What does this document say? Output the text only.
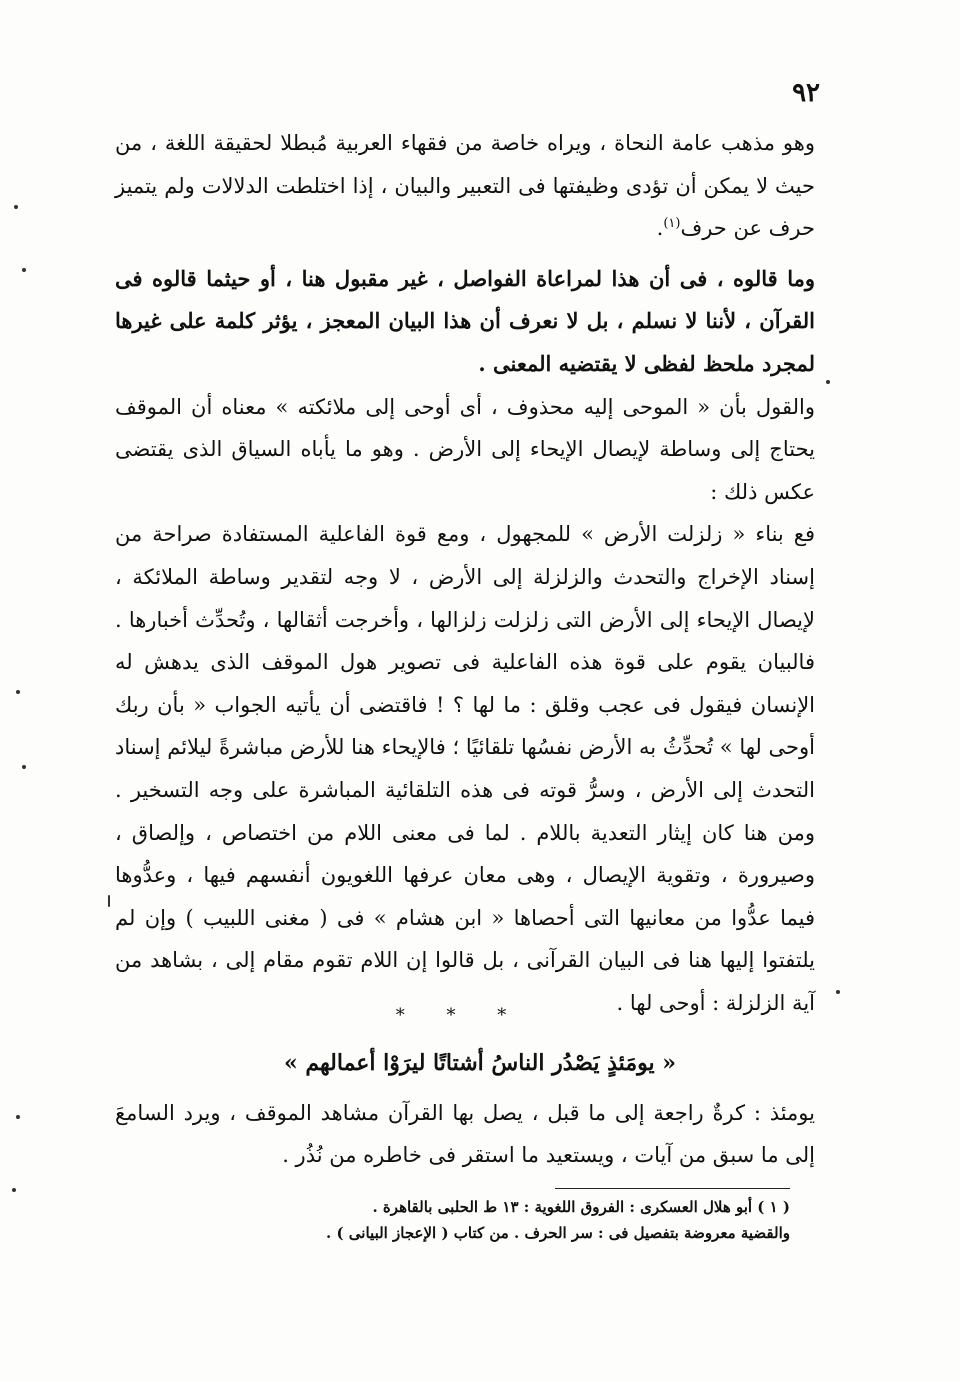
٩٢

وهو مذهب عامة النحاة ، ويراه خاصة من فقهاء العربية مُبطلا لحقيقة اللغة ، من حيث لا يمكن أن تؤدى وظيفتها فى التعبير والبيان ، إذا اختلطت الدلالات ولم يتميز حرف عن حرف$^{(١)}$.

وما قالوه ، فى أن هذا لمراعاة الفواصل ، غير مقبول هنا ، أو حيثما قالوه فى القرآن ، لأننا لا نسلم ، بل لا نعرف أن هذا البيان المعجز ، يؤثر كلمة على غيرها لمجرد ملحظ لفظى لا يقتضيه المعنى .

والقول بأن « الموحى إليه محذوف ، أى أوحى إلى ملائكته » معناه أن الموقف يحتاج إلى وساطة لإيصال الإيحاء إلى الأرض . وهو ما يأباه السياق الذى يقتضى عكس ذلك :

فع بناء « زلزلت الأرض » للمجهول ، ومع قوة الفاعلية المستفادة صراحة من إسناد الإخراج والتحدث والزلزلة إلى الأرض ، لا وجه لتقدير وساطة الملائكة ، لإيصال الإيحاء إلى الأرض التى زلزلت زلزالها ، وأخرجت أثقالها ، وتُحدِّث أخبارها . فالبيان يقوم على قوة هذه الفاعلية فى تصوير هول الموقف الذى يدهش له الإنسان فيقول فى عجب وقلق : ما لها ؟ ! فاقتضى أن يأتيه الجواب « بأن ربك أوحى لها » تُحدِّثُ به الأرض نفسُها تلقائيًا ؛ فالإيحاء هنا للأرض مباشرةً ليلائم إسناد التحدث إلى الأرض ، وسرُّ قوته فى هذه التلقائية المباشرة على وجه التسخير . ومن هنا كان إيثار التعدية باللام . لما فى معنى اللام من اختصاص ، وإلصاق ، وصيرورة ، وتقوية الإيصال ، وهى معان عرفها اللغويون أنفسهم فيها ، وعدُّوها فيما عدُّوا من معانيها التى أحصاها « ابن هشام » فى ( مغنى اللبيب ) وإن لم يلتفتوا إليها هنا فى البيان القرآنى ، بل قالوا إن اللام تقوم مقام إلى ، بشاهد من آية الزلزلة : أوحى لها .

* * *
« يومَئذٍ يَصْدُر الناسُ أشتاتًا ليرَوْا أعمالهم »

يومئذ : كرةٌ راجعة إلى ما قبل ، يصل بها القرآن مشاهد الموقف ، ويرد السامعَ إلى ما سبق من آيات ، ويستعيد ما استقر فى خاطره من نُذُر .

( ١ ) أبو هلال العسكرى : الفروق اللغوية : ١٣ ط الحلبى بالقاهرة .

والقضية معروضة بتفصيل فى : سر الحرف . من كتاب ( الإعجاز البيانى ) .
